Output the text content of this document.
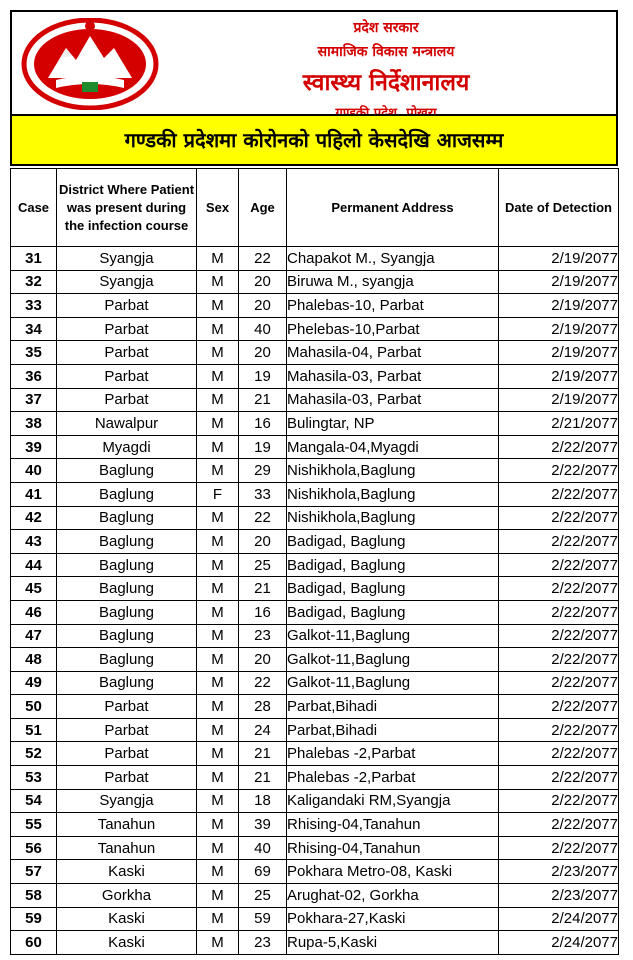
प्रदेश सरकार
सामाजिक विकास मन्त्रालय
स्वास्थ्य निर्देशानालय
गण्डकी प्रदेशमा कोरोनको पहिलो केसदेखि आजसम्म
Case	District Where Patient was present during the infection course	Sex	Age	Permanent Address	Date of Detection
31	Syangja	M	22	Chapakot M., Syangja	2/19/2077
32	Syangja	M	20	Biruwa M., syangja	2/19/2077
33	Parbat	M	20	Phalebas-10, Parbat	2/19/2077
34	Parbat	M	40	Phelebas-10,Parbat	2/19/2077
35	Parbat	M	20	Mahasila-04, Parbat	2/19/2077
36	Parbat	M	19	Mahasila-03, Parbat	2/19/2077
37	Parbat	M	21	Mahasila-03, Parbat	2/19/2077
38	Nawalpur	M	16	Bulingtar, NP	2/21/2077
39	Myagdi	M	19	Mangala-04,Myagdi	2/22/2077
40	Baglung	M	29	Nishikhola,Baglung	2/22/2077
41	Baglung	F	33	Nishikhola,Baglung	2/22/2077
42	Baglung	M	22	Nishikhola,Baglung	2/22/2077
43	Baglung	M	20	Badigad, Baglung	2/22/2077
44	Baglung	M	25	Badigad, Baglung	2/22/2077
45	Baglung	M	21	Badigad, Baglung	2/22/2077
46	Baglung	M	16	Badigad, Baglung	2/22/2077
47	Baglung	M	23	Galkot-11,Baglung	2/22/2077
48	Baglung	M	20	Galkot-11,Baglung	2/22/2077
49	Baglung	M	22	Galkot-11,Baglung	2/22/2077
50	Parbat	M	28	Parbat,Bihadi	2/22/2077
51	Parbat	M	24	Parbat,Bihadi	2/22/2077
52	Parbat	M	21	Phalebas -2,Parbat	2/22/2077
53	Parbat	M	21	Phalebas -2,Parbat	2/22/2077
54	Syangja	M	18	Kaligandaki RM,Syangja	2/22/2077
55	Tanahun	M	39	Rhising-04,Tanahun	2/22/2077
56	Tanahun	M	40	Rhising-04,Tanahun	2/22/2077
57	Kaski	M	69	Pokhara Metro-08, Kaski	2/23/2077
58	Gorkha	M	25	Arughat-02, Gorkha	2/23/2077
59	Kaski	M	59	Pokhara-27,Kaski	2/24/2077
60	Kaski	M	23	Rupa-5,Kaski	2/24/2077
